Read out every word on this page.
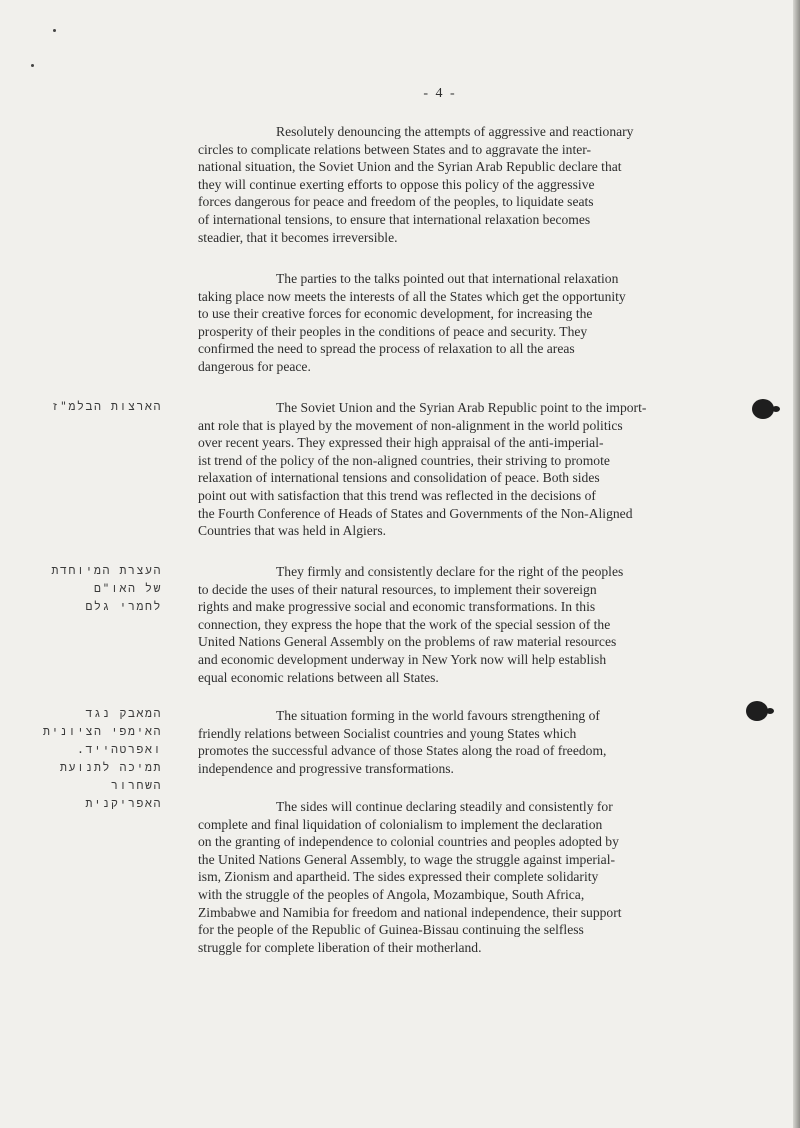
- 4 -

Resolutely denouncing the attempts of aggressive and reactionary
circles to complicate relations between States and to aggravate the inter-
national situation, the Soviet Union and the Syrian Arab Republic declare that
they will continue exerting efforts to oppose this policy of the aggressive
forces dangerous for peace and freedom of the peoples, to liquidate seats
of international tensions, to ensure that international relaxation becomes
steadier, that it becomes irreversible.

The parties to the talks pointed out that international relaxation
taking place now meets the interests of all the States which get the opportunity
to use their creative forces for economic development, for increasing the
prosperity of their peoples in the conditions of peace and security. They
confirmed the need to spread the process of relaxation to all the areas
dangerous for peace.

הארצות הבלמ"ז	The Soviet Union and the Syrian Arab Republic point to the import-
ant role that is played by the movement of non-alignment in the world politics
over recent years. They expressed their high appraisal of the anti-imperial-
ist trend of the policy of the non-aligned countries, their striving to promote
relaxation of international tensions and consolidation of peace. Both sides
point out with satisfaction that this trend was reflected in the decisions of
the Fourth Conference of Heads of States and Governments of the Non-Aligned
Countries that was held in Algiers.

העצרת המיוחדת
של האו"ם
לחמרי גלם

They firmly and consistently declare for the right of the peoples
to decide the uses of their natural resources, to implement their sovereign
rights and make progressive social and economic transformations. In this
connection, they express the hope that the work of the special session of the
United Nations General Assembly on the problems of raw material resources
and economic development underway in New York now will help establish
equal economic relations between all States.

המאבק נגד
האימפי הציונית
ואפרטהייד.
תמיכה לתנועת
השחרור
האפריקנית

The situation forming in the world favours strengthening of
friendly relations between Socialist countries and young States which
promotes the successful advance of those States along the road of freedom,
independence and progressive transformations.

The sides will continue declaring steadily and consistently for
complete and final liquidation of colonialism to implement the declaration
on the granting of independence to colonial countries and peoples adopted by
the United Nations General Assembly, to wage the struggle against imperial-
ism, Zionism and apartheid. The sides expressed their complete solidarity
with the struggle of the peoples of Angola, Mozambique, South Africa,
Zimbabwe and Namibia for freedom and national independence, their support
for the people of the Republic of Guinea-Bissau continuing the selfless
struggle for complete liberation of their motherland.
